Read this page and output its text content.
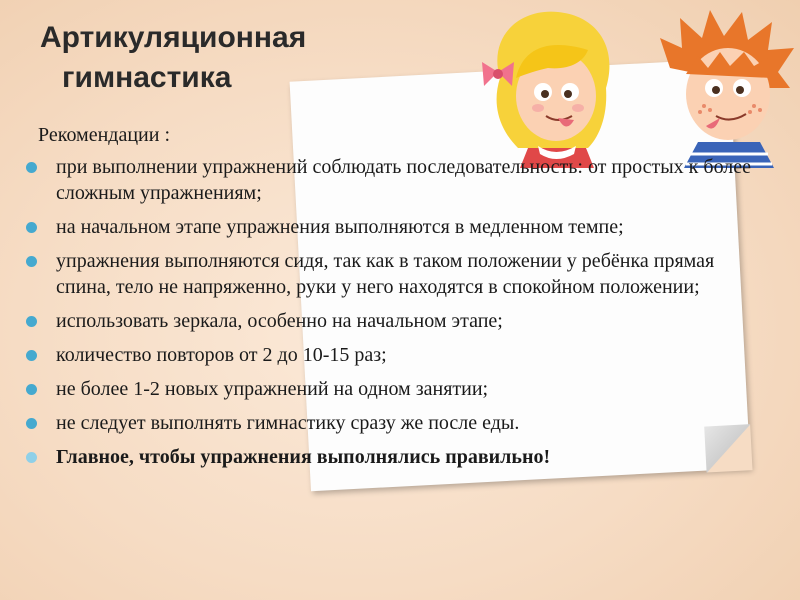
Артикуляционная
гимнастика
Рекомендации :
при выполнении упражнений соблюдать последовательность: от простых к более сложным упражнениям;
на начальном этапе упражнения выполняются в медленном темпе;
упражнения выполняются сидя, так как в таком положении у ребёнка прямая спина, тело не напряженно, руки у него находятся в спокойном положении;
использовать зеркала, особенно на начальном этапе;
количество повторов от 2 до 10-15 раз;
не более 1-2 новых упражнений на одном занятии;
не следует выполнять гимнастику сразу же после еды.
Главное, чтобы упражнения выполнялись правильно!
